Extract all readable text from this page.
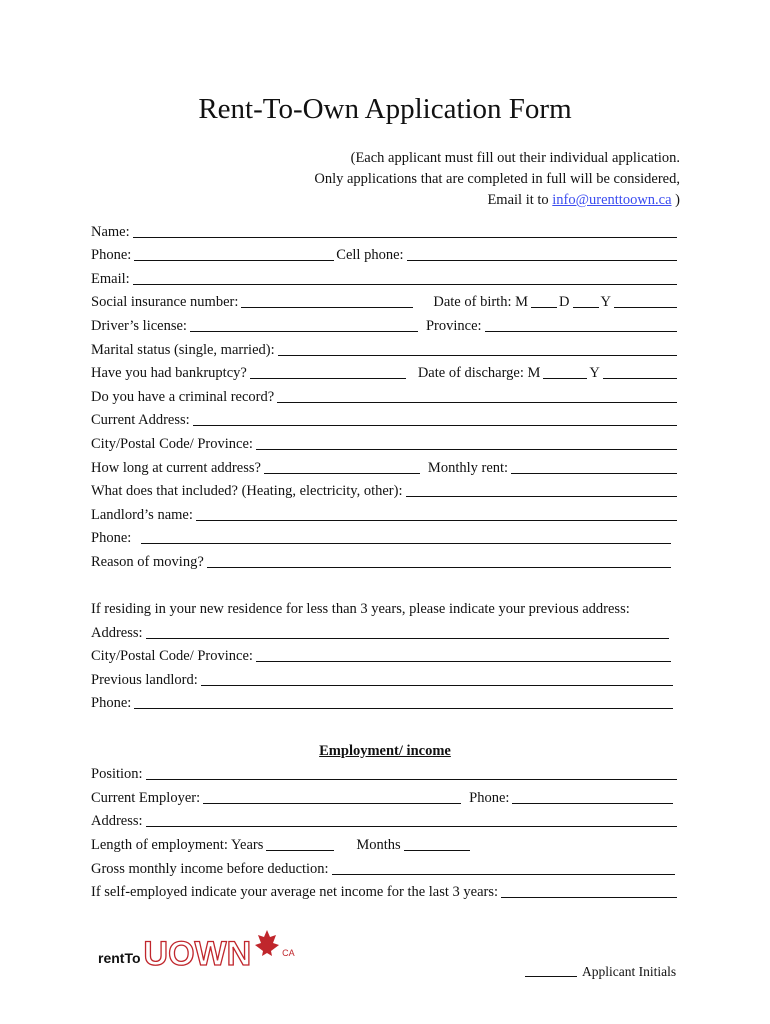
Rent-To-Own Application Form
(Each applicant must fill out their individual application.
Only applications that are completed in full will be considered,
Email it to info@urenttoown.ca )
Name:
Phone:	Cell phone:
Email:
Social insurance number:	Date of birth: M D Y
Driver’s license:	Province:
Marital status (single, married):
Have you had bankruptcy?	Date of discharge: M	Y
Do you have a criminal record?
Current Address:
City/Postal Code/ Province:
How long at current address?	Monthly rent:
What does that included? (Heating, electricity, other):
Landlord’s name:
Phone:
Reason of moving?
If residing in your new residence for less than 3 years, please indicate your previous address:
Address:
City/Postal Code/ Province:
Previous landlord:
Phone:
Employment/ income
Position:
Current Employer:	Phone:
Address:
Length of employment: Years	Months
Gross monthly income before deduction:
If self-employed indicate your average net income for the last 3 years:
rentTo UOWN	CA
Applicant Initials
